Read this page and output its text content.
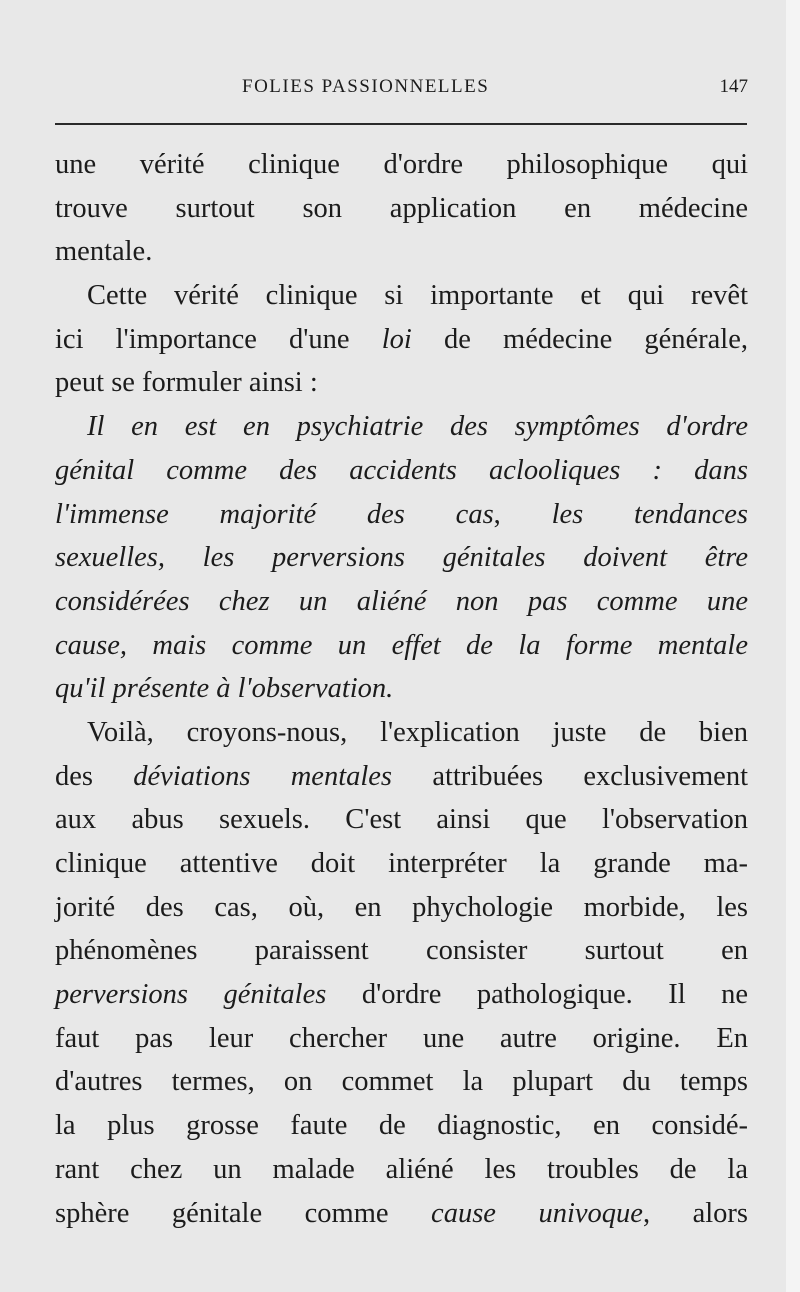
FOLIES PASSIONNELLES	147
une vérité clinique d'ordre philosophique qui
trouve surtout son application en médecine
mentale.
Cette vérité clinique si importante et qui revêt
ici l'importance d'une loi de médecine générale,
peut se formuler ainsi :
Il en est en psychiatrie des symptômes d'ordre
génital comme des accidents aclooliques : dans
l'immense majorité des cas, les tendances
sexuelles, les perversions génitales doivent être
considérées chez un aliéné non pas comme une
cause, mais comme un effet de la forme mentale
qu'il présente à l'observation.
Voilà, croyons-nous, l'explication juste de bien
des déviations mentales attribuées exclusivement
aux abus sexuels. C'est ainsi que l'observation
clinique attentive doit interpréter la grande ma-
jorité des cas, où, en phychologie morbide, les
phénomènes paraissent consister surtout en
perversions génitales d'ordre pathologique. Il ne
faut pas leur chercher une autre origine. En
d'autres termes, on commet la plupart du temps
la plus grosse faute de diagnostic, en considé-
rant chez un malade aliéné les troubles de la
sphère génitale comme cause univoque, alors
